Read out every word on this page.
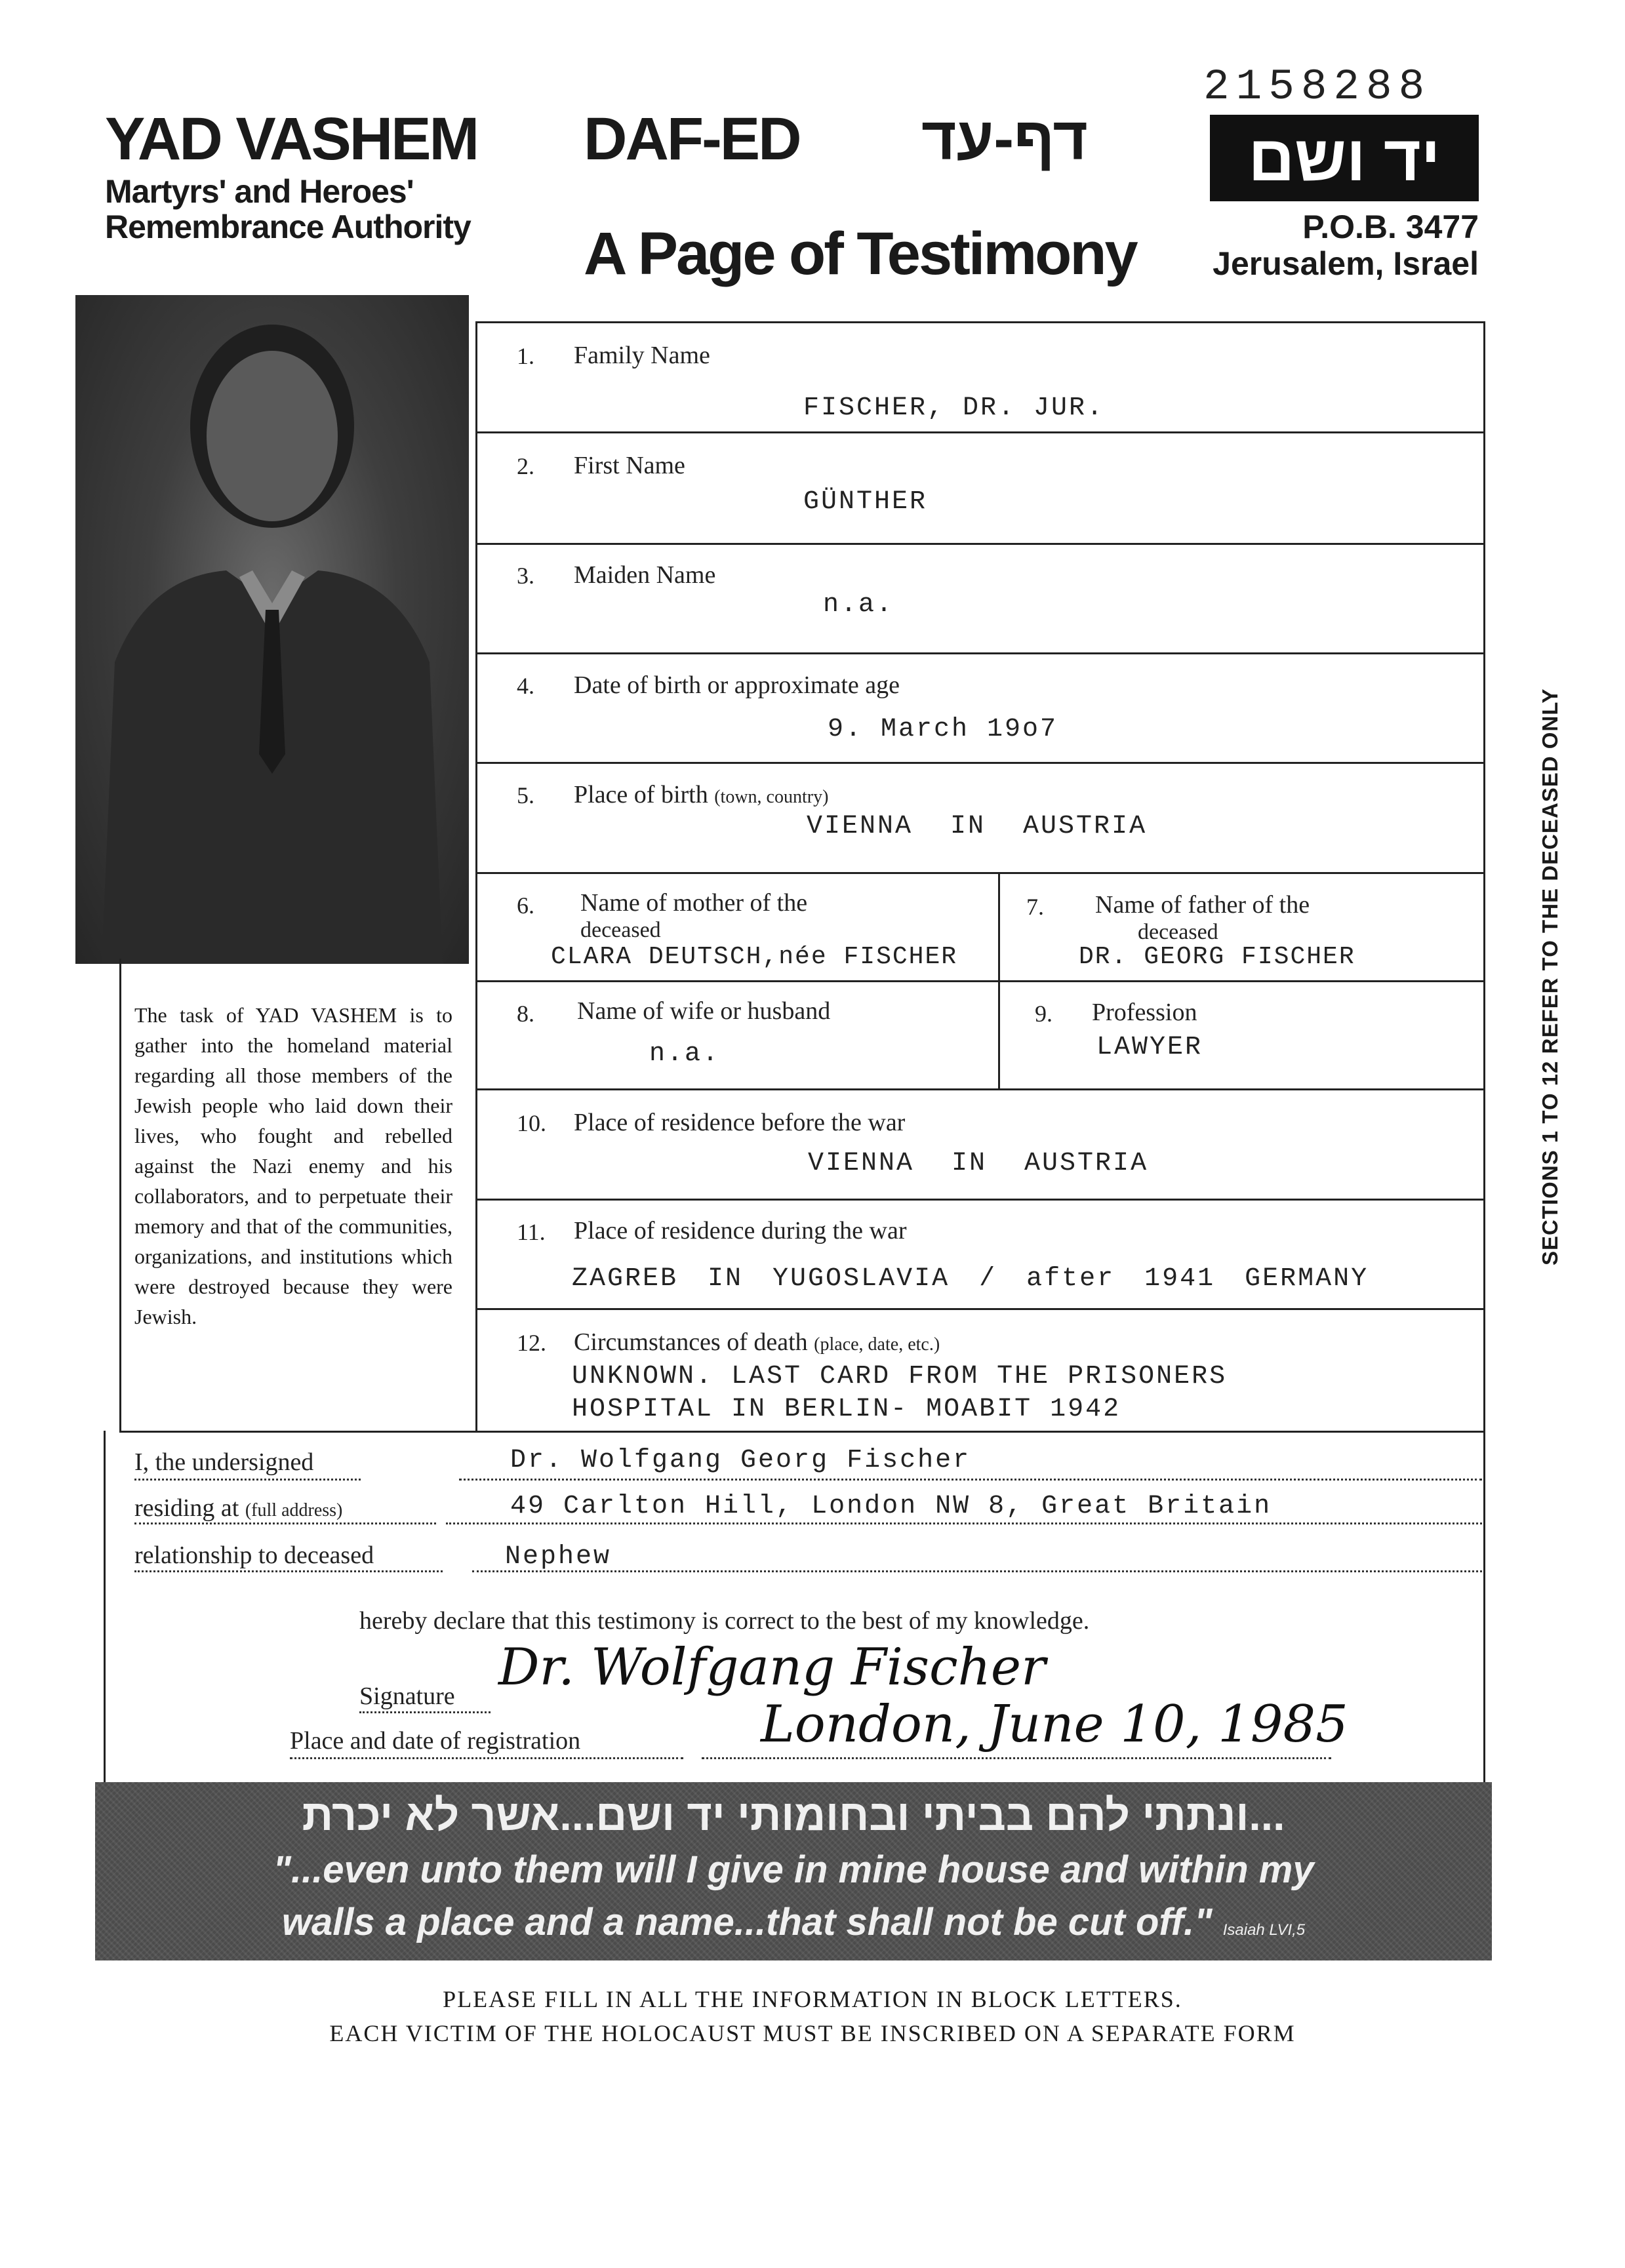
2158288
YAD VASHEM
Martyrs' and Heroes' Remembrance Authority
DAF-ED דף-עד
A Page of Testimony
יד ושם
P.O.B. 3477
Jerusalem, Israel
The task of YAD VASHEM is to gather into the homeland material regarding all those members of the Jewish people who laid down their lives, who fought and rebelled against the Nazi enemy and his collaborators, and to perpetuate their memory and that of the communities, organizations, and institutions which were destroyed because they were Jewish.
1. Family Name
FISCHER, DR. JUR.
2. First Name
GÜNTHER
3. Maiden Name
n.a.
4. Date of birth or approximate age
9. March 19o7
5. Place of birth (town, country)
VIENNA IN AUSTRIA
6. Name of mother of the
deceased
CLARA DEUTSCH,née FISCHER
7. Name of father of the
deceased
DR. GEORG FISCHER
8. Name of wife or husband
n.a.
9. Profession
LAWYER
10. Place of residence before the war
VIENNA IN AUSTRIA
11. Place of residence during the war
ZAGREB IN YUGOSLAVIA / after 1941 GERMANY
12. Circumstances of death (place, date, etc.)
UNKNOWN. LAST CARD FROM THE PRISONERS
HOSPITAL IN BERLIN- MOABIT 1942
SECTIONS 1 TO 12 REFER TO THE DECEASED ONLY
I, the undersigned	Dr. Wolfgang Georg Fischer
residing at (full address)	49 Carlton Hill, London NW 8, Great Britain
relationship to deceased	Nephew
hereby declare that this testimony is correct to the best of my knowledge.
Signature Dr. Wolfgang Fischer
Place and date of registration	London, June 10, 1985
...ונתתי להם בביתי ובחומותי יד ושם...אשר לא יכרת
"...even unto them will I give in mine house and within my
walls a place and a name...that shall not be cut off." Isaiah LVI,5
PLEASE FILL IN ALL THE INFORMATION IN BLOCK LETTERS.
EACH VICTIM OF THE HOLOCAUST MUST BE INSCRIBED ON A SEPARATE FORM
